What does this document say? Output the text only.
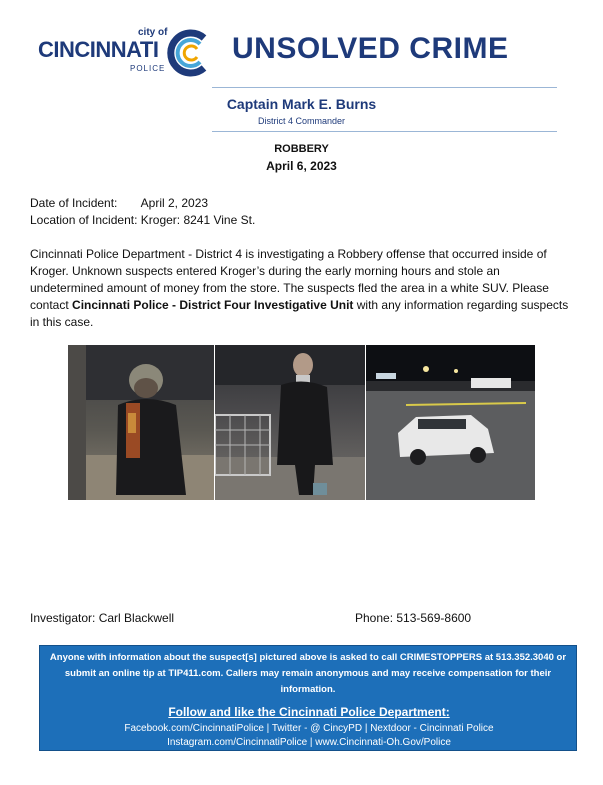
city of
CINCINNATI
POLICE
UNSOLVED CRIME
Captain Mark E. Burns
District 4 Commander
ROBBERY
April 6, 2023
Date of Incident: April 2, 2023
Location of Incident: Kroger: 8241 Vine St.
Cincinnati Police Department - District 4 is investigating a Robbery offense that occurred inside of Kroger. Unknown suspects entered Kroger’s during the early morning hours and stole an undetermined amount of money from the store. The suspects fled the area in a white SUV. Please contact Cincinnati Police - District Four Investigative Unit with any information regarding suspects in this case.
Investigator: Carl Blackwell	Phone: 513-569-8600
Anyone with information about the suspect[s] pictured above is asked to call CRIMESTOPPERS at 513.352.3040 or submit an online tip at TIP411.com. Callers may remain anonymous and may receive compensation for their information.
Follow and like the Cincinnati Police Department:
Facebook.com/CincinnatiPolice | Twitter - @ CincyPD | Nextdoor - Cincinnati Police
Instagram.com/CincinnatiPolice | www.Cincinnati-Oh.Gov/Police
